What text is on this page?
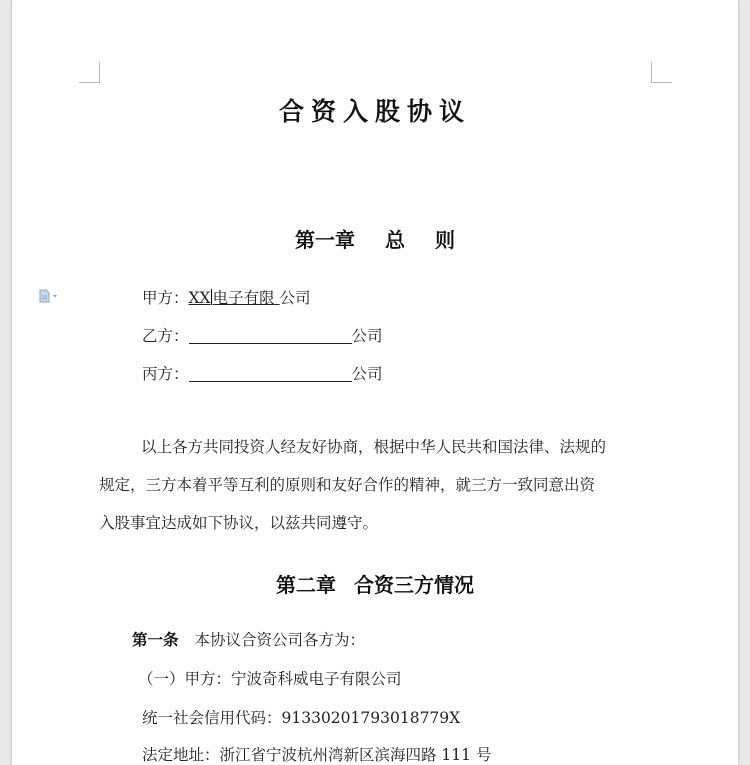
合资入股协议
第一章 总 则
甲方：XX 电子有限 公司
乙方：	公司
丙方：	公司
以上各方共同投资人经友好协商，根据中华人民共和国法律、法规的
规定，三方本着平等互利的原则和友好合作的精神，就三方一致同意出资
入股事宜达成如下协议，以兹共同遵守。
第二章 合资三方情况
第一条 本协议合资公司各方为：
（一）甲方：宁波奇科威电子有限公司
统一社会信用代码：91330201793018779X
法定地址：浙江省宁波杭州湾新区滨海四路 111 号
